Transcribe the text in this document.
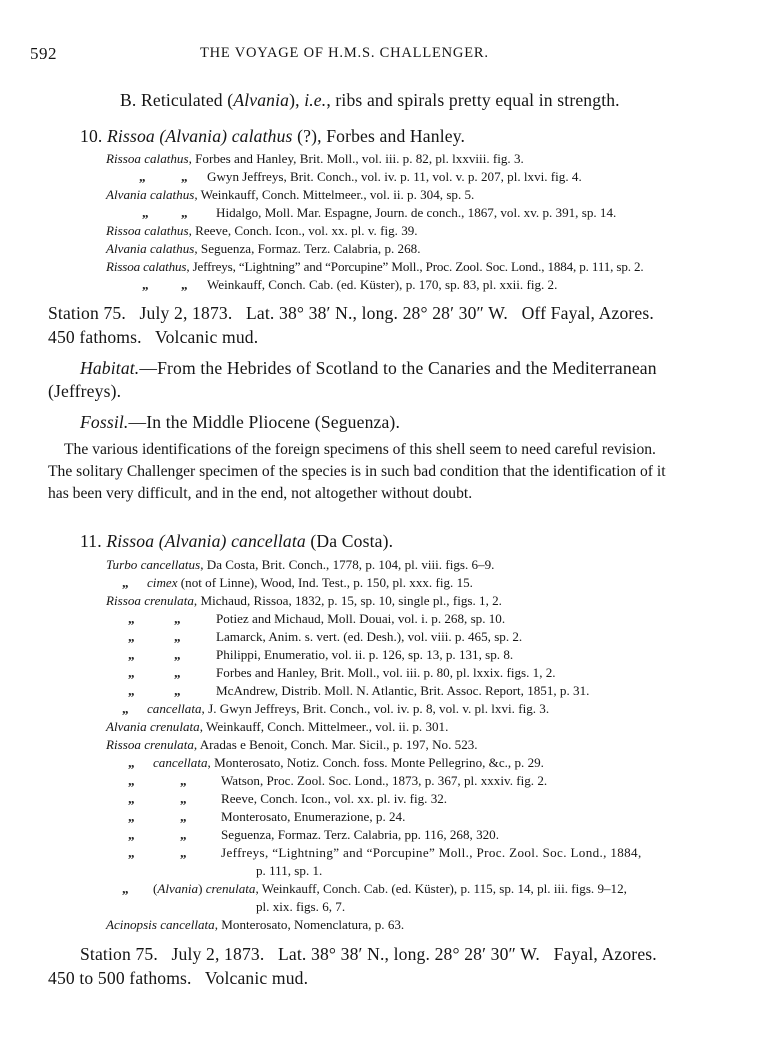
592	THE VOYAGE OF H.M.S. CHALLENGER.
B. Reticulated (Alvania), i.e., ribs and spirals pretty equal in strength.
10. Rissoa (Alvania) calathus (?), Forbes and Hanley.
Rissoa calathus, Forbes and Hanley, Brit. Moll., vol. iii. p. 82, pl. lxxviii. fig. 3.
„	„ Gwyn Jeffreys, Brit. Conch., vol. iv. p. 11, vol. v. p. 207, pl. lxvi. fig. 4.
Alvania calathus, Weinkauff, Conch. Mittelmeer., vol. ii. p. 304, sp. 5.
„ „ Hidalgo, Moll. Mar. Espagne, Journ. de conch., 1867, vol. xv. p. 391, sp. 14.
Rissoa calathus, Reeve, Conch. Icon., vol. xx. pl. v. fig. 39.
Alvania calathus, Seguenza, Formaz. Terz. Calabria, p. 268.
Rissoa calathus, Jeffreys, “Lightning” and “Porcupine” Moll., Proc. Zool. Soc. Lond., 1884, p. 111, sp. 2.
„ „ Weinkauff, Conch. Cab. (ed. Küster), p. 170, sp. 83, pl. xxii. fig. 2.
Station 75.   July 2, 1873.   Lat. 38° 38′ N., long. 28° 28′ 30″ W.   Off Fayal, Azores.
450 fathoms.   Volcanic mud.
Habitat.—From the Hebrides of Scotland to the Canaries and the Mediterranean
(Jeffreys).
Fossil.—In the Middle Pliocene (Seguenza).
The various identifications of the foreign specimens of this shell seem to need careful revision.
The solitary Challenger specimen of the species is in such bad condition that the identification of it
has been very difficult, and in the end, not altogether without doubt.
11. Rissoa (Alvania) cancellata (Da Costa).
Turbo cancellatus, Da Costa, Brit. Conch., 1778, p. 104, pl. viii. figs. 6–9.
„ cimex (not of Linne), Wood, Ind. Test., p. 150, pl. xxx. fig. 15.
Rissoa crenulata, Michaud, Rissoa, 1832, p. 15, sp. 10, single pl., figs. 1, 2.
„	„	Potiez and Michaud, Moll. Douai, vol. i. p. 268, sp. 10.
„	„	Lamarck, Anim. s. vert. (ed. Desh.), vol. viii. p. 465, sp. 2.
„	„	Philippi, Enumeratio, vol. ii. p. 126, sp. 13, p. 131, sp. 8.
„	„	Forbes and Hanley, Brit. Moll., vol. iii. p. 80, pl. lxxix. figs. 1, 2.
„	„	McAndrew, Distrib. Moll. N. Atlantic, Brit. Assoc. Report, 1851, p. 31.
„ cancellata, J. Gwyn Jeffreys, Brit. Conch., vol. iv. p. 8, vol. v. pl. lxvi. fig. 3.
Alvania crenulata, Weinkauff, Conch. Mittelmeer., vol. ii. p. 301.
Rissoa crenulata, Aradas e Benoit, Conch. Mar. Sicil., p. 197, No. 523.
„ cancellata, Monterosato, Notiz. Conch. foss. Monte Pellegrino, &c., p. 29.
„	„	Watson, Proc. Zool. Soc. Lond., 1873, p. 367, pl. xxxiv. fig. 2.
„	„	Reeve, Conch. Icon., vol. xx. pl. iv. fig. 32.
„	„	Monterosato, Enumerazione, p. 24.
„	„	Seguenza, Formaz. Terz. Calabria, pp. 116, 268, 320.
„	„	Jeffreys, “Lightning” and “Porcupine” Moll., Proc. Zool. Soc. Lond., 1884,
p. 111, sp. 1.
„ (Alvania) crenulata, Weinkauff, Conch. Cab. (ed. Küster), p. 115, sp. 14, pl. iii. figs. 9–12,
pl. xix. figs. 6, 7.
Acinopsis cancellata, Monterosato, Nomenclatura, p. 63.
Station 75.   July 2, 1873.   Lat. 38° 38′ N., long. 28° 28′ 30″ W.   Fayal, Azores.
450 to 500 fathoms.   Volcanic mud.
